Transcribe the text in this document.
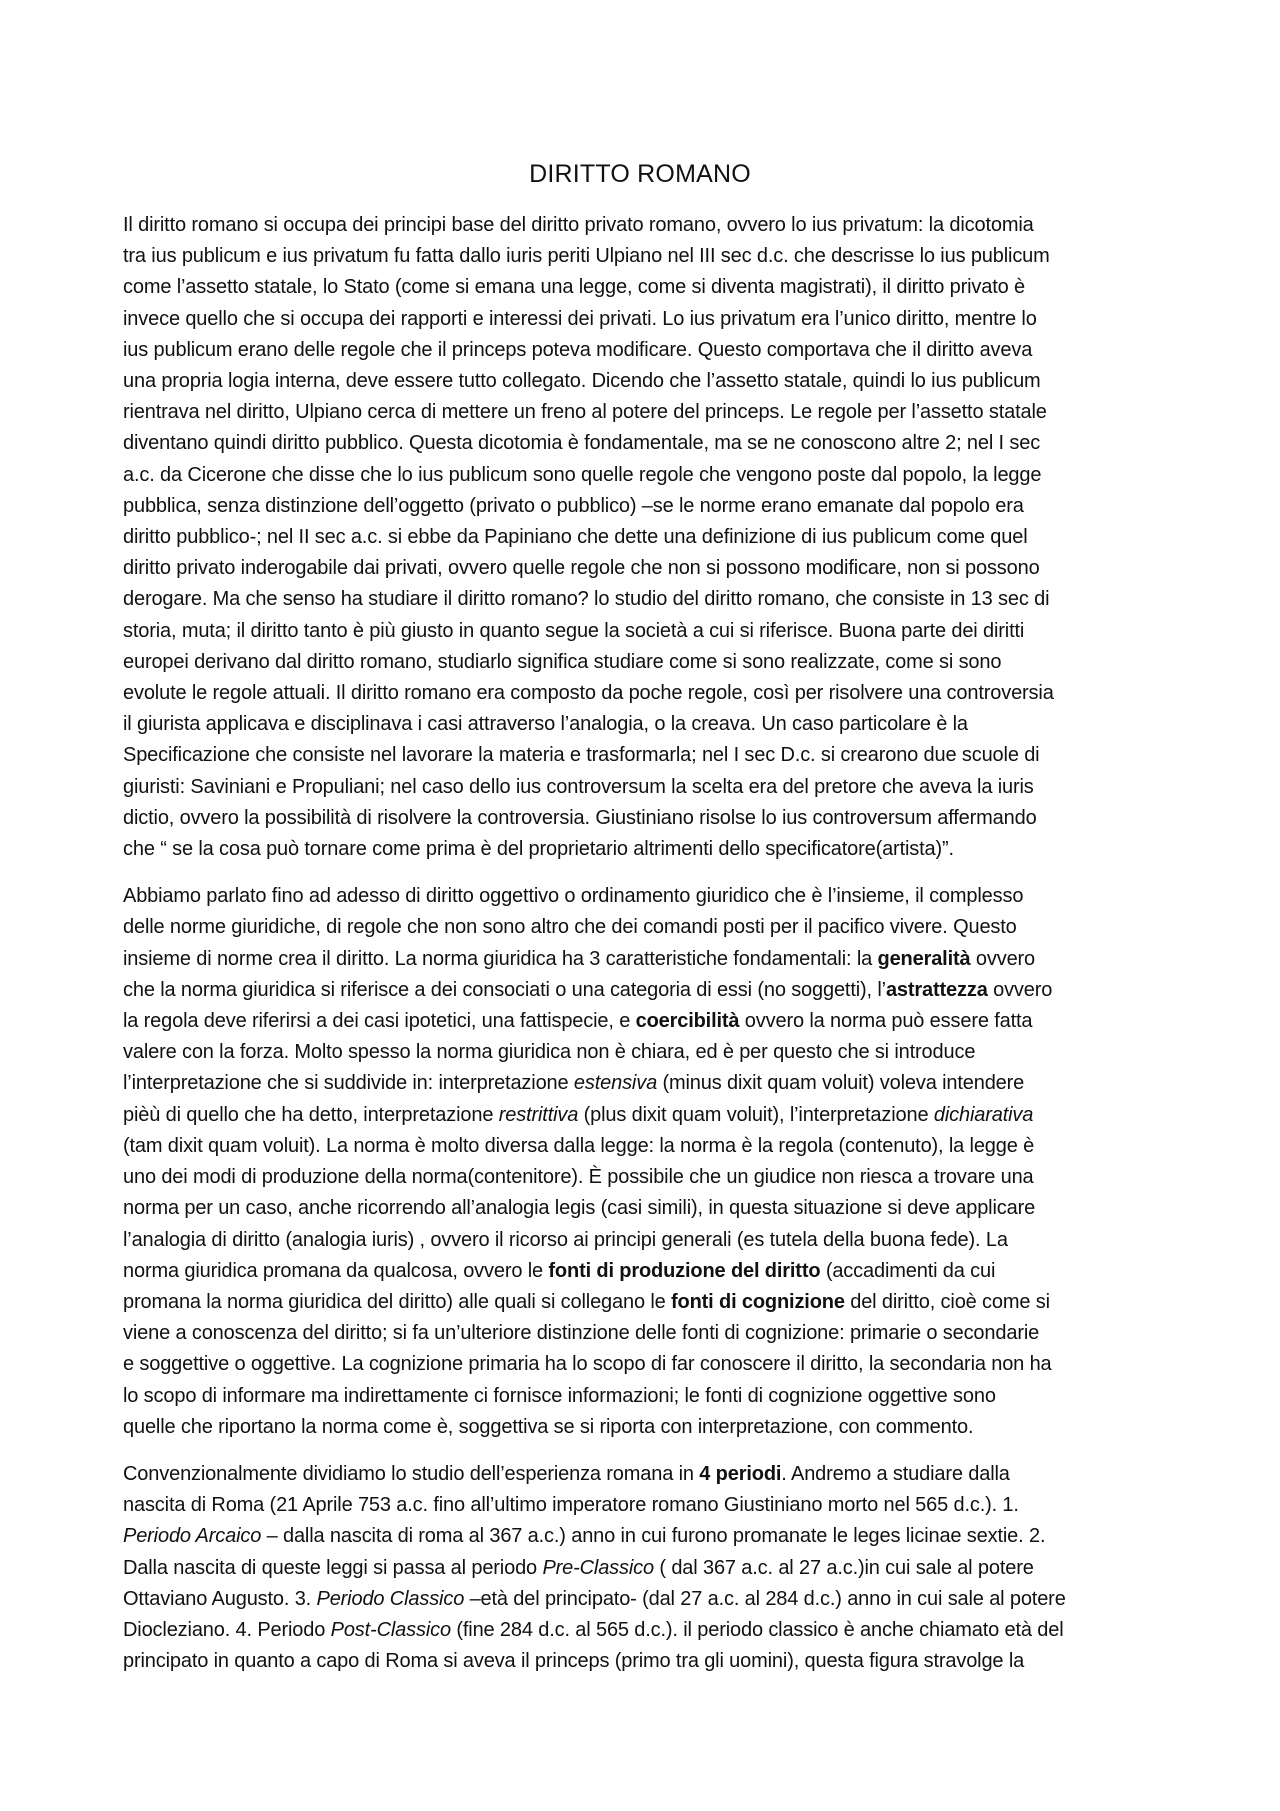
DIRITTO ROMANO

Il diritto romano si occupa dei principi base del diritto privato romano, ovvero lo ius privatum: la dicotomia
tra ius publicum e ius privatum fu fatta dallo iuris periti Ulpiano nel III sec d.c. che descrisse lo ius publicum
come l’assetto statale, lo Stato (come si emana una legge, come si diventa magistrati), il diritto privato è
invece quello che si occupa dei rapporti e interessi dei privati. Lo ius privatum era l’unico diritto, mentre lo
ius publicum erano delle regole che il princeps poteva modificare. Questo comportava che il diritto aveva
una propria logia interna, deve essere tutto collegato. Dicendo che l’assetto statale, quindi lo ius publicum
rientrava nel diritto, Ulpiano cerca di mettere un freno al potere del princeps. Le regole per l’assetto statale
diventano quindi diritto pubblico. Questa dicotomia è fondamentale, ma se ne conoscono altre 2; nel I sec
a.c. da Cicerone che disse che lo ius publicum sono quelle regole che vengono poste dal popolo, la legge
pubblica, senza distinzione dell’oggetto (privato o pubblico) –se le norme erano emanate dal popolo era
diritto pubblico-; nel II sec a.c. si ebbe da Papiniano che dette una definizione di ius publicum come quel
diritto privato inderogabile dai privati, ovvero quelle regole che non si possono modificare, non si possono
derogare. Ma che senso ha studiare il diritto romano? lo studio del diritto romano, che consiste in 13 sec di
storia, muta; il diritto tanto è più giusto in quanto segue la società a cui si riferisce. Buona parte dei diritti
europei derivano dal diritto romano, studiarlo significa studiare come si sono realizzate, come si sono
evolute le regole attuali. Il diritto romano era composto da poche regole, così per risolvere una controversia
il giurista applicava e disciplinava i casi attraverso l’analogia, o la creava. Un caso particolare è la
Specificazione che consiste nel lavorare la materia e trasformarla; nel I sec D.c. si crearono due scuole di
giuristi: Saviniani e Propuliani; nel caso dello ius controversum la scelta era del pretore che aveva la iuris
dictio, ovvero la possibilità di risolvere la controversia. Giustiniano risolse lo ius controversum affermando
che “ se la cosa può tornare come prima è del proprietario altrimenti dello specificatore(artista)”.

Abbiamo parlato fino ad adesso di diritto oggettivo o ordinamento giuridico che è l’insieme, il complesso
delle norme giuridiche, di regole che non sono altro che dei comandi posti per il pacifico vivere. Questo
insieme di norme crea il diritto. La norma giuridica ha 3 caratteristiche fondamentali: la generalità ovvero
che la norma giuridica si riferisce a dei consociati o una categoria di essi (no soggetti), l’astrattezza ovvero
la regola deve riferirsi a dei casi ipotetici, una fattispecie, e coercibilità ovvero la norma può essere fatta
valere con la forza. Molto spesso la norma giuridica non è chiara, ed è per questo che si introduce
l’interpretazione che si suddivide in: interpretazione estensiva (minus dixit quam voluit) voleva intendere
pièù di quello che ha detto, interpretazione restrittiva (plus dixit quam voluit), l’interpretazione dichiarativa
(tam dixit quam voluit). La norma è molto diversa dalla legge: la norma è la regola (contenuto), la legge è
uno dei modi di produzione della norma(contenitore). È possibile che un giudice non riesca a trovare una
norma per un caso, anche ricorrendo all’analogia legis (casi simili), in questa situazione si deve applicare
l’analogia di diritto (analogia iuris) , ovvero il ricorso ai principi generali (es tutela della buona fede). La
norma giuridica promana da qualcosa, ovvero le fonti di produzione del diritto (accadimenti da cui
promana la norma giuridica del diritto) alle quali si collegano le fonti di cognizione del diritto, cioè come si
viene a conoscenza del diritto; si fa un’ulteriore distinzione delle fonti di cognizione: primarie o secondarie
e soggettive o oggettive. La cognizione primaria ha lo scopo di far conoscere il diritto, la secondaria non ha
lo scopo di informare ma indirettamente ci fornisce informazioni; le fonti di cognizione oggettive sono
quelle che riportano la norma come è, soggettiva se si riporta con interpretazione, con commento.

Convenzionalmente dividiamo lo studio dell’esperienza romana in 4 periodi. Andremo a studiare dalla
nascita di Roma (21 Aprile 753 a.c. fino all’ultimo imperatore romano Giustiniano morto nel 565 d.c.). 1.
Periodo Arcaico – dalla nascita di roma al 367 a.c.) anno in cui furono promanate le leges licinae sextie. 2.
Dalla nascita di queste leggi si passa al periodo Pre-Classico ( dal 367 a.c. al 27 a.c.)in cui sale al potere
Ottaviano Augusto. 3. Periodo Classico –età del principato- (dal 27 a.c. al 284 d.c.) anno in cui sale al potere
Diocleziano. 4. Periodo Post-Classico (fine 284 d.c. al 565 d.c.). il periodo classico è anche chiamato età del
principato in quanto a capo di Roma si aveva il princeps (primo tra gli uomini), questa figura stravolge la
